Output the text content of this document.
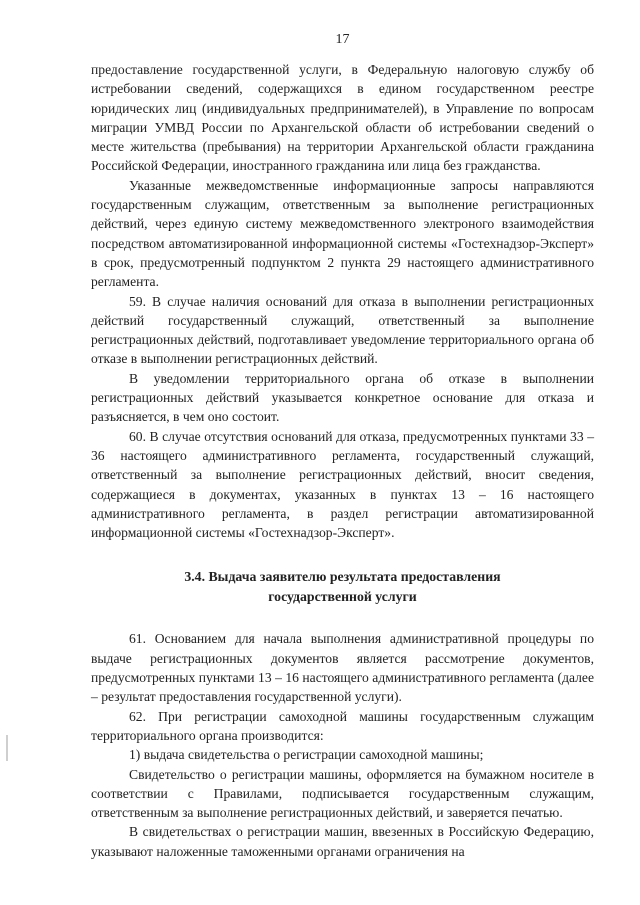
17

предоставление государственной услуги, в Федеральную налоговую службу об истребовании сведений, содержащихся в едином государственном реестре юридических лиц (индивидуальных предпринимателей), в Управление по вопросам миграции УМВД России по Архангельской области об истребовании сведений о месте жительства (пребывания) на территории Архангельской области гражданина Российской Федерации, иностранного гражданина или лица без гражданства.

Указанные межведомственные информационные запросы направляются государственным служащим, ответственным за выполнение регистрационных действий, через единую систему межведомственного электроного взаимодействия посредством автоматизированной информационной системы «Гостехнадзор-Эксперт» в срок, предусмотренный подпунктом 2 пункта 29 настоящего административного регламента.

59. В случае наличия оснований для отказа в выполнении регистрационных действий государственный служащий, ответственный за выполнение регистрационных действий, подготавливает уведомление территориального органа об отказе в выполнении регистрационных действий.

В уведомлении территориального органа об отказе в выполнении регистрационных действий указывается конкретное основание для отказа и разъясняется, в чем оно состоит.

60. В случае отсутствия оснований для отказа, предусмотренных пунктами 33 – 36 настоящего административного регламента, государственный служащий, ответственный за выполнение регистрационных действий, вносит сведения, содержащиеся в документах, указанных в пунктах 13 – 16 настоящего административного регламента, в раздел регистрации автоматизированной информационной системы «Гостехнадзор-Эксперт».

3.4. Выдача заявителю результата предоставления

государственной услуги

61. Основанием для начала выполнения административной процедуры по выдаче регистрационных документов является рассмотрение документов, предусмотренных пунктами 13 – 16 настоящего административного регламента (далее – результат предоставления государственной услуги).

62. При регистрации самоходной машины государственным служащим территориального органа производится:

1) выдача свидетельства о регистрации самоходной машины;

Свидетельство о регистрации машины, оформляется на бумажном носителе в соответствии с Правилами, подписывается государственным служащим, ответственным за выполнение регистрационных действий, и заверяется печатью.

В свидетельствах о регистрации машин, ввезенных в Российскую Федерацию, указывают наложенные таможенными органами ограничения на
